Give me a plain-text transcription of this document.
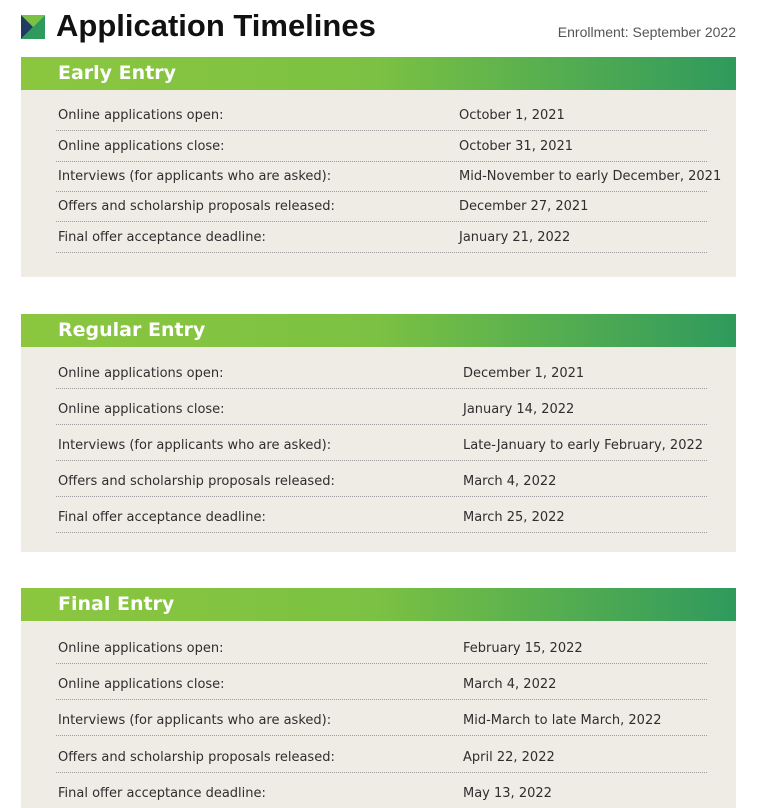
Application Timelines	Enrollment: September 2022
Early Entry
Online applications open:	October 1, 2021
Online applications close:	October 31, 2021
Interviews (for applicants who are asked):	Mid-November to early December, 2021
Offers and scholarship proposals released:	December 27, 2021
Final offer acceptance deadline:	January 21, 2022
Regular Entry
Online applications open:	December 1, 2021
Online applications close:	January 14, 2022
Interviews (for applicants who are asked):	Late-January to early February, 2022
Offers and scholarship proposals released:	March 4, 2022
Final offer acceptance deadline:	March 25, 2022
Final Entry
Online applications open:	February 15, 2022
Online applications close:	March 4, 2022
Interviews (for applicants who are asked):	Mid-March to late March, 2022
Offers and scholarship proposals released:	April 22, 2022
Final offer acceptance deadline:	May 13, 2022
